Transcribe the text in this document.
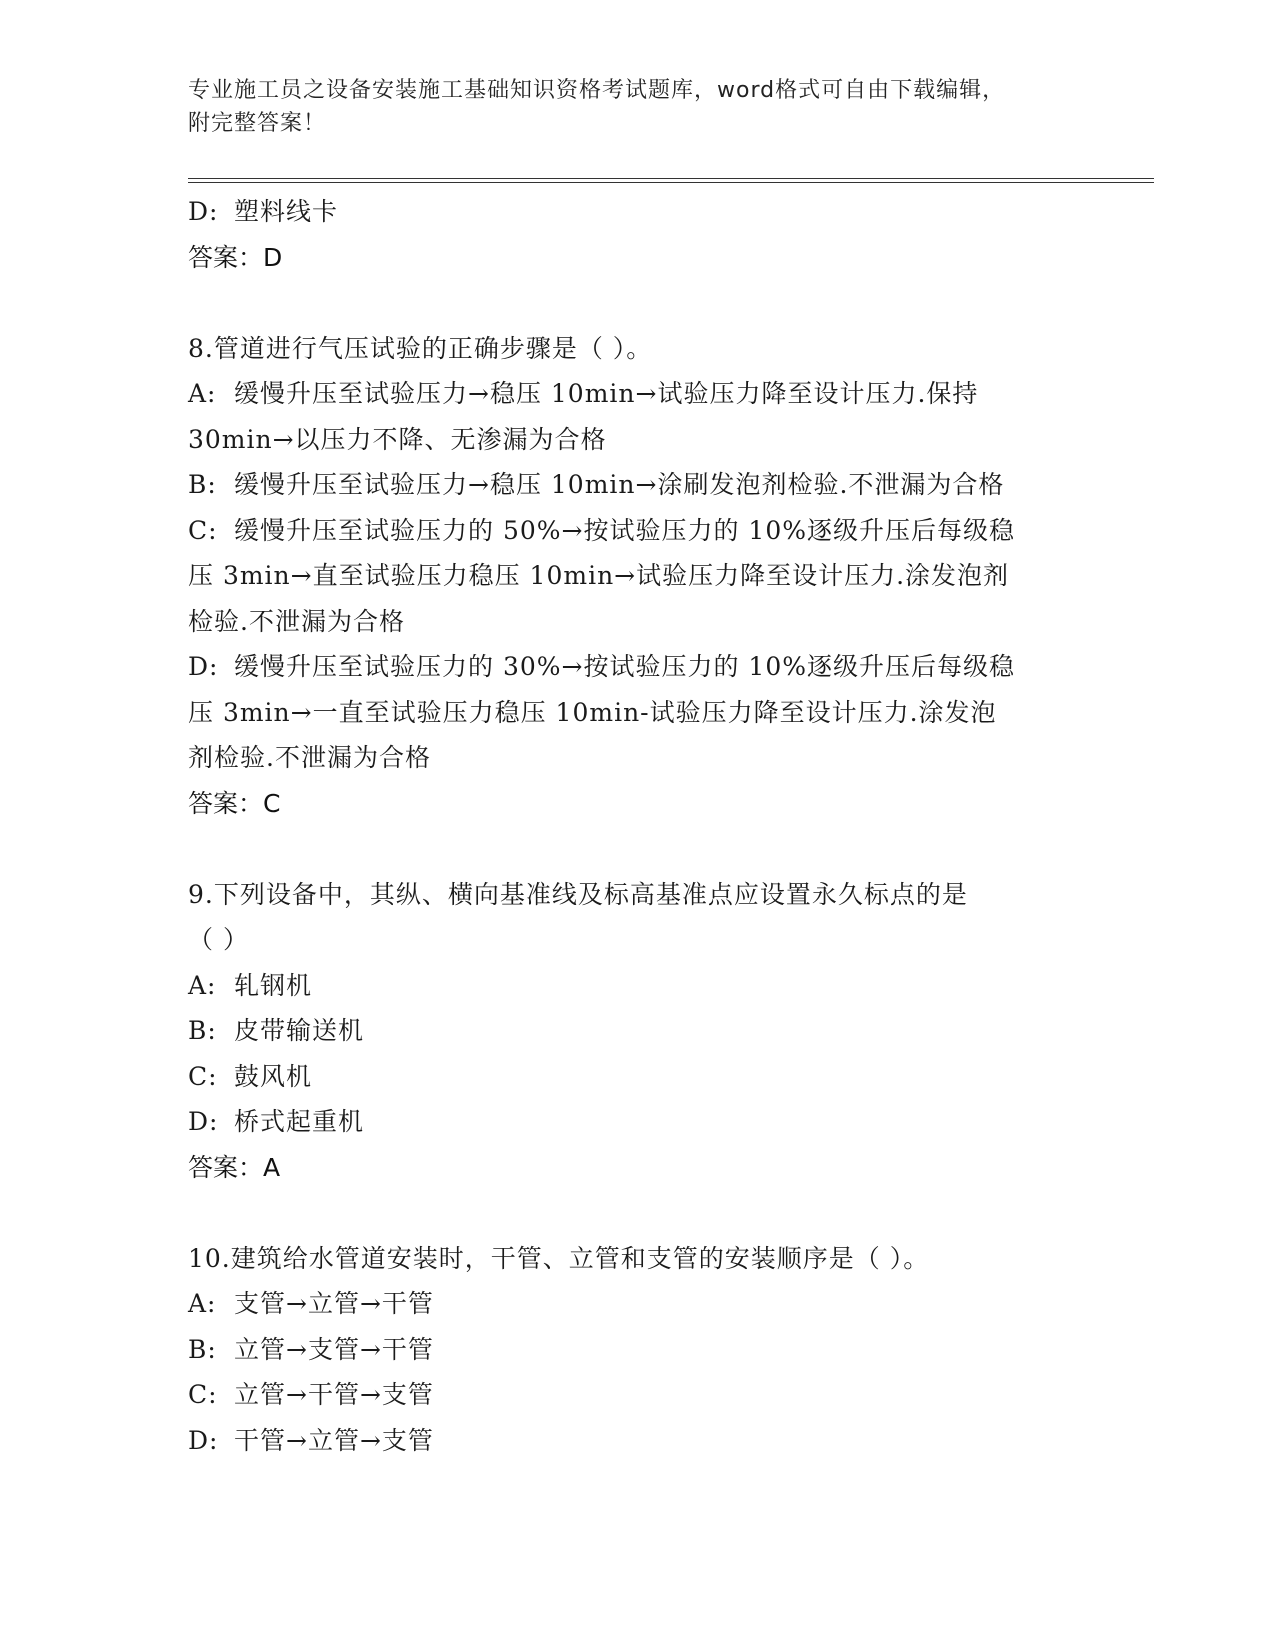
专业施工员之设备安装施工基础知识资格考试题库，word格式可自由下载编辑，
附完整答案！
D: 塑料线卡
答案：D
8.管道进行气压试验的正确步骤是（ ）。
A: 缓慢升压至试验压力→稳压 10min→试验压力降至设计压力.保持
30min→以压力不降、无渗漏为合格
B: 缓慢升压至试验压力→稳压 10min→涂刷发泡剂检验.不泄漏为合格
C: 缓慢升压至试验压力的 50%→按试验压力的 10%逐级升压后每级稳
压 3min→直至试验压力稳压 10min→试验压力降至设计压力.涂发泡剂
检验.不泄漏为合格
D: 缓慢升压至试验压力的 30%→按试验压力的 10%逐级升压后每级稳
压 3min→一直至试验压力稳压 10min-试验压力降至设计压力.涂发泡
剂检验.不泄漏为合格
答案：C
9.下列设备中，其纵、横向基准线及标高基准点应设置永久标点的是
（ ）
A: 轧钢机
B: 皮带输送机
C: 鼓风机
D: 桥式起重机
答案：A
10.建筑给水管道安装时，干管、立管和支管的安装顺序是（ ）。
A: 支管→立管→干管
B: 立管→支管→干管
C: 立管→干管→支管
D: 干管→立管→支管
